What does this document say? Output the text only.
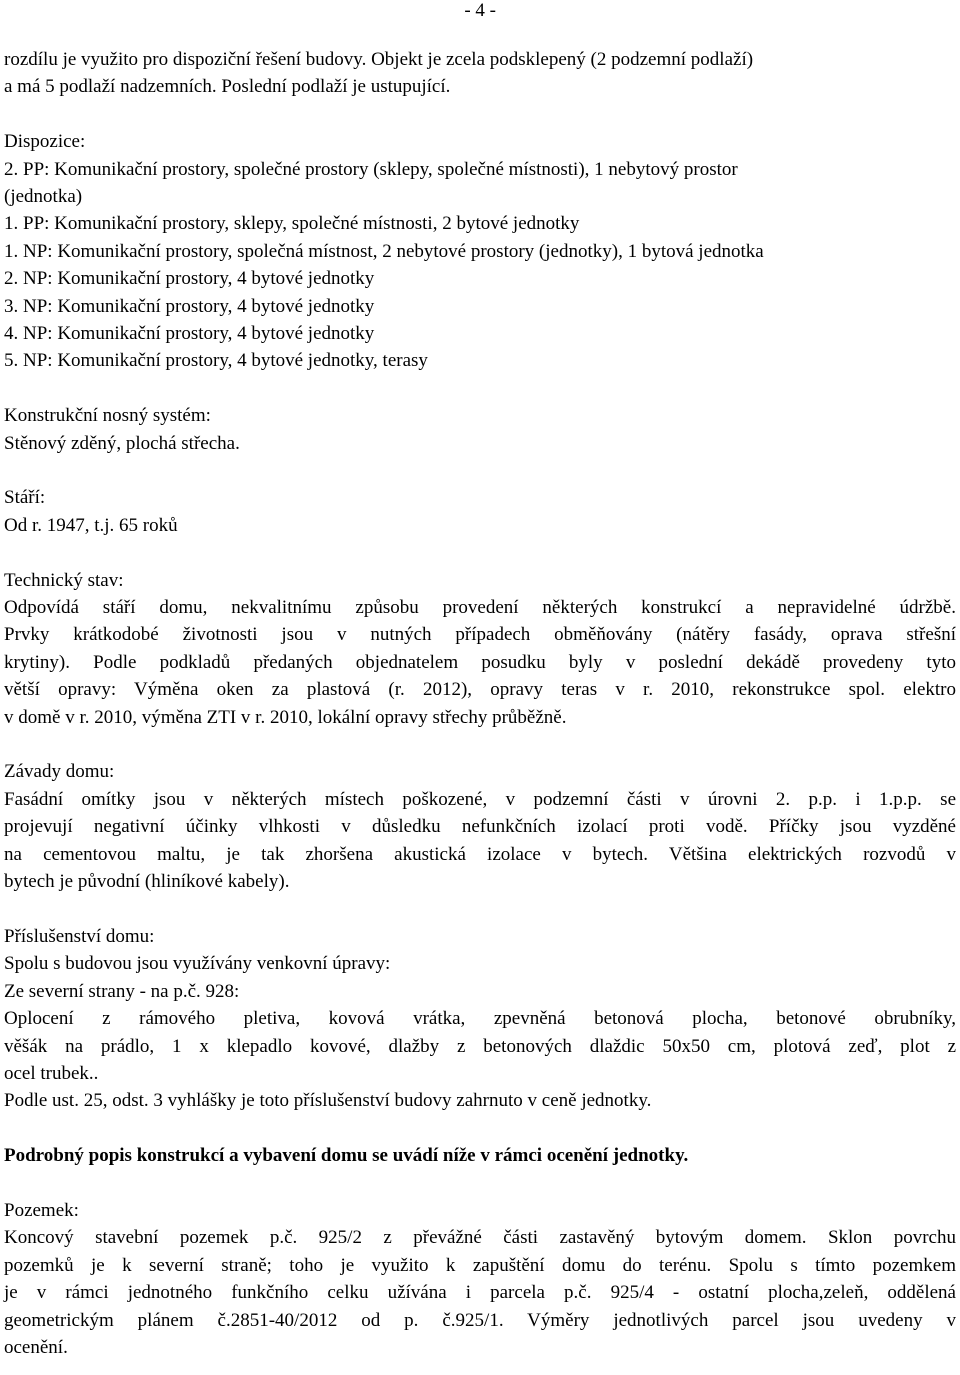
- 4 -
rozdílu je využito pro dispoziční řešení budovy. Objekt je zcela podsklepený (2 podzemní podlaží)
a má 5 podlaží nadzemních. Poslední podlaží je ustupující.
Dispozice:
2. PP: Komunikační prostory, společné prostory (sklepy, společné místnosti), 1 nebytový prostor
(jednotka)
1. PP: Komunikační prostory, sklepy, společné místnosti, 2 bytové jednotky
1. NP: Komunikační prostory, společná místnost, 2 nebytové prostory (jednotky), 1 bytová jednotka
2. NP: Komunikační prostory, 4 bytové jednotky
3. NP: Komunikační prostory, 4 bytové jednotky
4. NP: Komunikační prostory, 4 bytové jednotky
5. NP: Komunikační prostory, 4 bytové jednotky, terasy
Konstrukční nosný systém:
Stěnový zděný, plochá střecha.
Stáří:
Od r. 1947, t.j. 65 roků
Technický stav:
Odpovídá stáří domu, nekvalitnímu způsobu provedení některých konstrukcí a nepravidelné údržbě.
Prvky krátkodobé životnosti jsou v nutných případech obměňovány (nátěry fasády, oprava střešní
krytiny). Podle podkladů předaných objednatelem posudku byly v poslední dekádě provedeny tyto
větší opravy: Výměna oken za plastová (r. 2012), opravy teras v r. 2010, rekonstrukce spol. elektro
v domě v r. 2010, výměna ZTI v r. 2010, lokální opravy střechy průběžně.
Závady domu:
Fasádní omítky jsou v některých místech poškozené, v podzemní části v úrovni 2. p.p. i 1.p.p. se
projevují negativní účinky vlhkosti v důsledku nefunkčních izolací proti vodě. Příčky jsou vyzděné
na cementovou maltu, je tak zhoršena akustická izolace v bytech. Většina elektrických rozvodů v
bytech je původní (hliníkové kabely).
Příslušenství domu:
Spolu s budovou jsou využívány venkovní úpravy:
Ze severní strany - na p.č. 928:
Oplocení z rámového pletiva, kovová vrátka, zpevněná betonová plocha, betonové obrubníky,
věšák na prádlo, 1 x klepadlo kovové, dlažby z betonových dlaždic 50x50 cm, plotová zeď, plot z
ocel trubek..
Podle ust. 25, odst. 3 vyhlášky je toto příslušenství budovy zahrnuto v ceně jednotky.
Podrobný popis konstrukcí a vybavení domu se uvádí níže v rámci ocenění jednotky.
Pozemek:
Koncový stavební pozemek p.č. 925/2 z převážné části zastavěný bytovým domem. Sklon povrchu
pozemků je k severní straně; toho je využito k zapuštění domu do terénu. Spolu s tímto pozemkem
je v rámci jednotného funkčního celku užívána i parcela p.č. 925/4 - ostatní plocha,zeleň, oddělená
geometrickým plánem č.2851-40/2012 od p. č.925/1. Výměry jednotlivých parcel jsou uvedeny v
ocenění.
